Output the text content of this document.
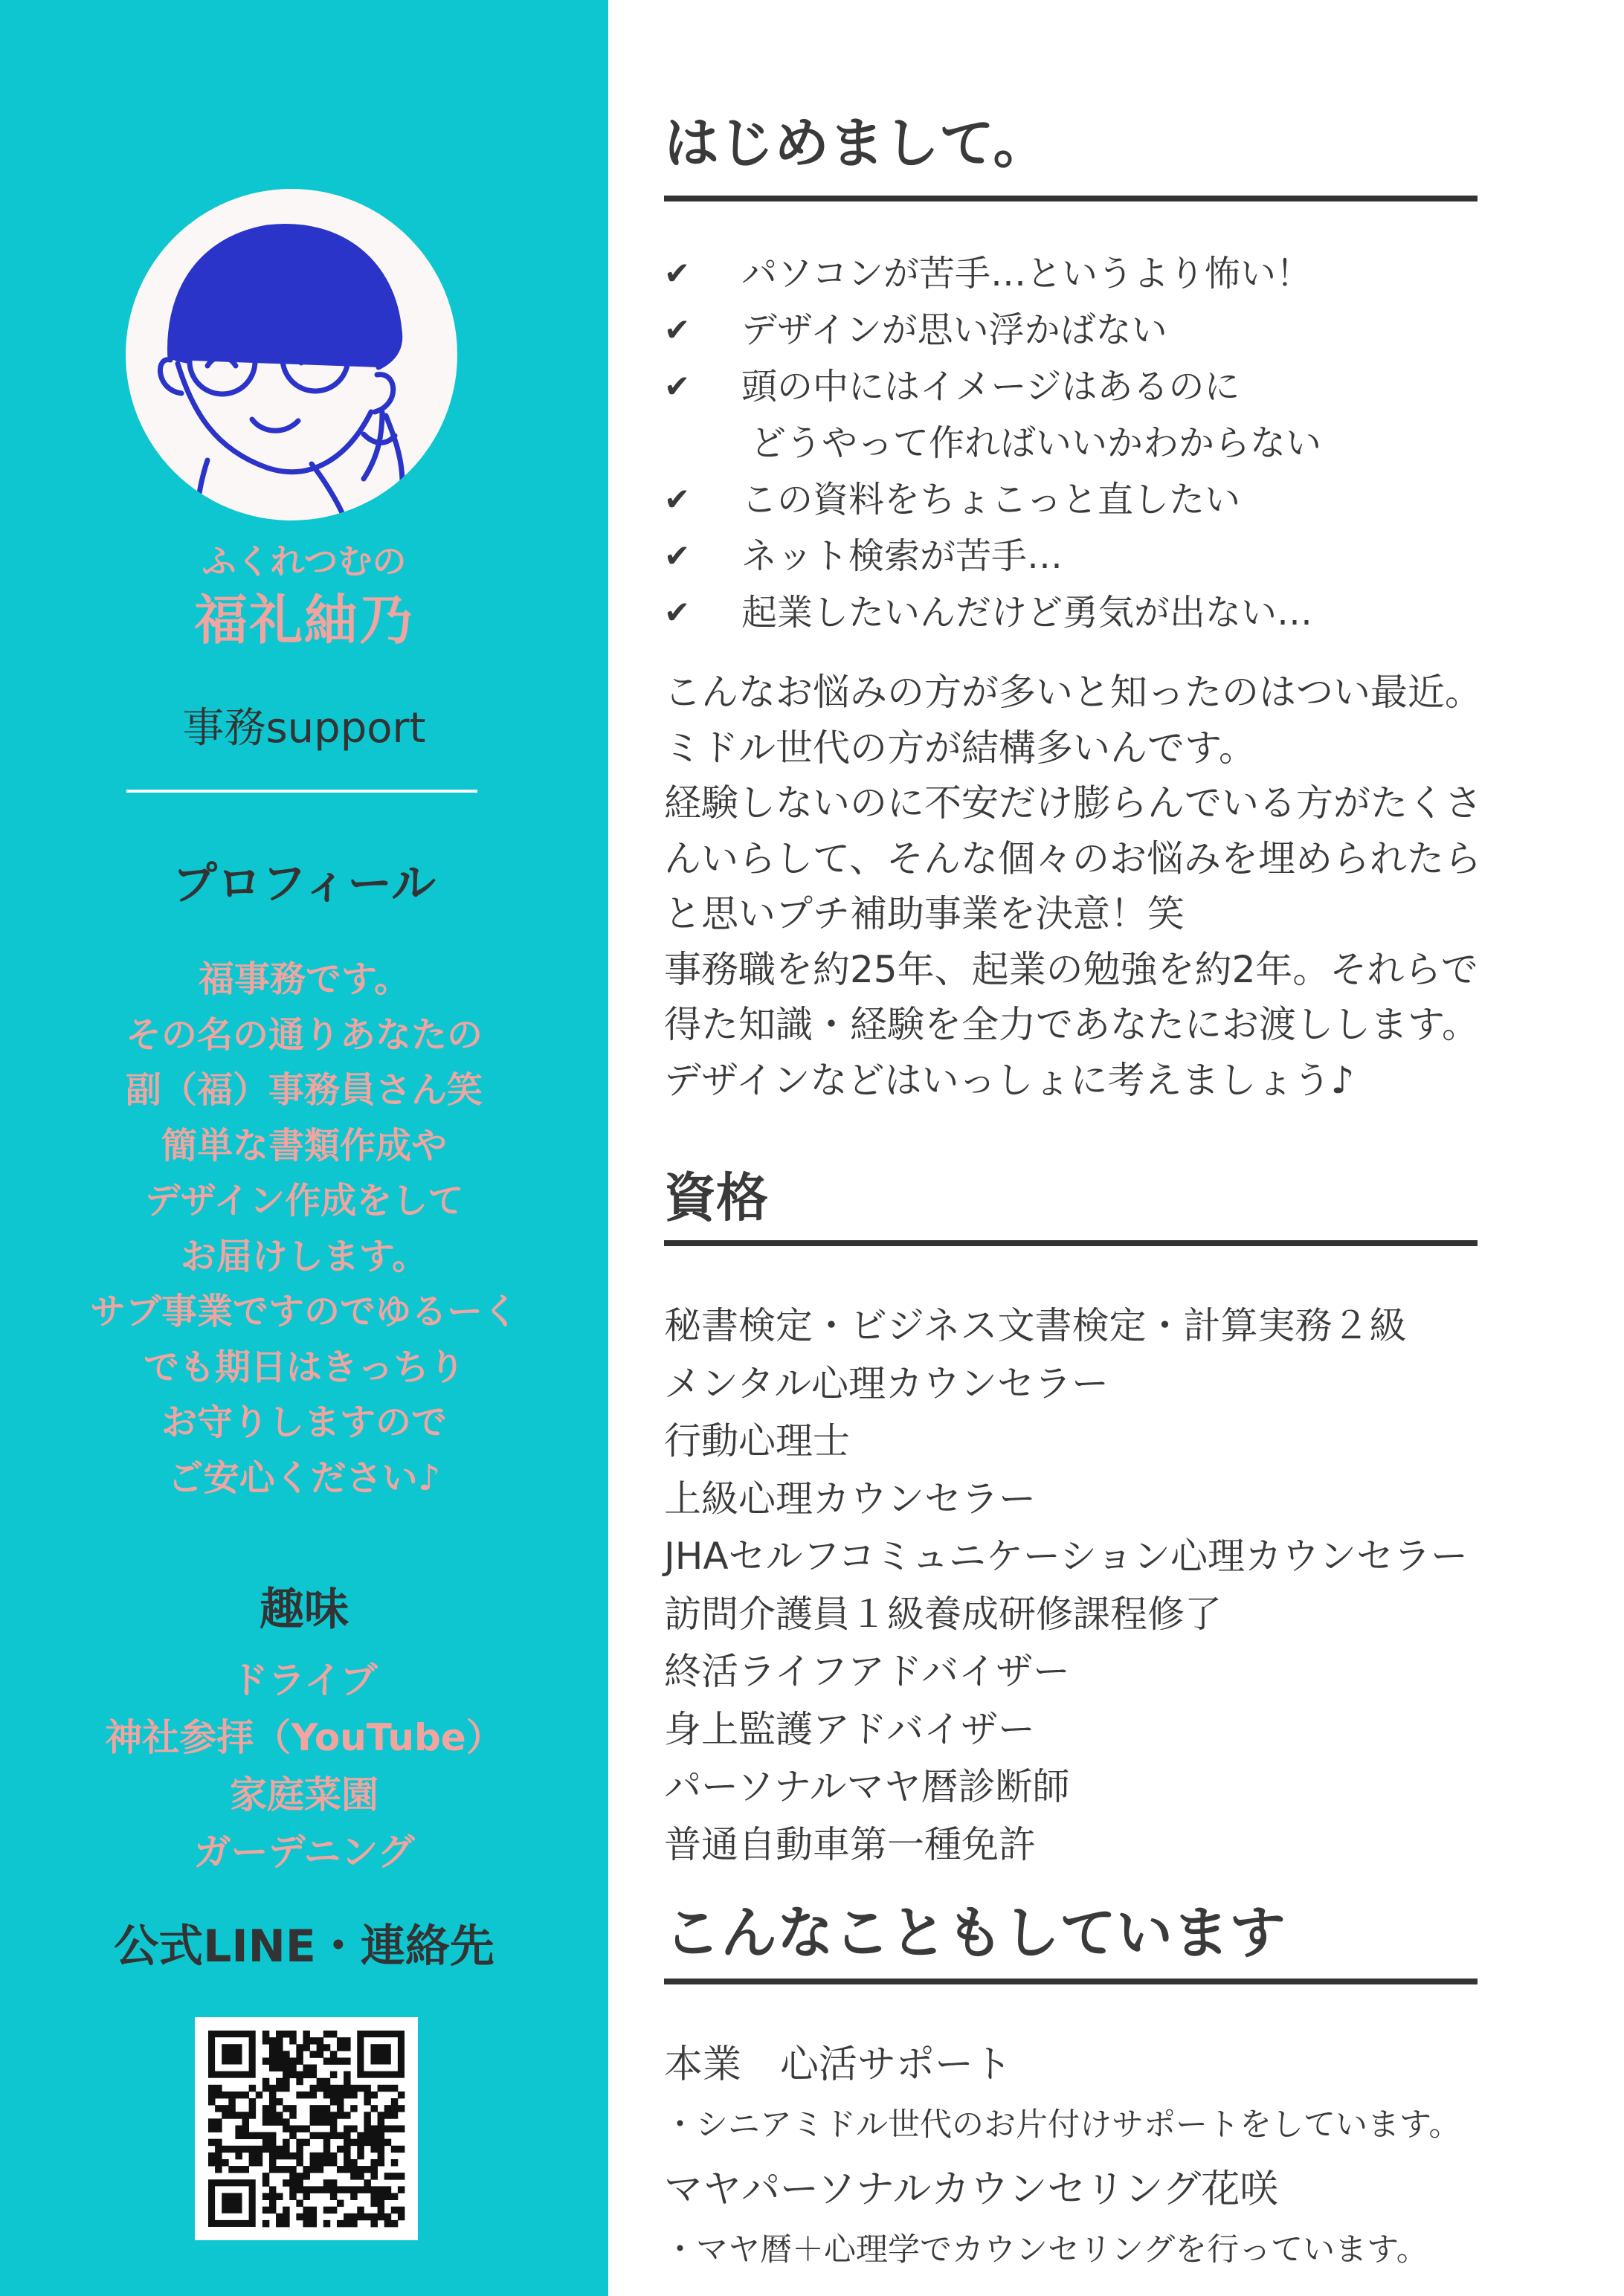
ふくれつむの
福礼紬乃
事務support
プロフィール
福事務です。
その名の通りあなたの
副（福）事務員さん笑
簡単な書類作成や
デザイン作成をして
お届けします。
サブ事業ですのでゆるーく
でも期日はきっちり
お守りしますので
ご安心ください♪
趣味
ドライブ
神社参拝（YouTube）
家庭菜園
ガーデニング
公式LINE・連絡先
はじめまして。
✔	パソコンが苦手…というより怖い！
✔	デザインが思い浮かばない
✔	頭の中にはイメージはあるのに
どうやって作ればいいかわからない
✔	この資料をちょこっと直したい
✔	ネット検索が苦手…
✔	起業したいんだけど勇気が出ない…
こんなお悩みの方が多いと知ったのはつい最近。
ミドル世代の方が結構多いんです。
経験しないのに不安だけ膨らんでいる方がたくさ
んいらして、そんな個々のお悩みを埋められたら
と思いプチ補助事業を決意！笑
事務職を約25年、起業の勉強を約2年。それらで
得た知識・経験を全力であなたにお渡しします。
デザインなどはいっしょに考えましょう♪
資格
秘書検定・ビジネス文書検定・計算実務２級
メンタル心理カウンセラー
行動心理士
上級心理カウンセラー
JHAセルフコミュニケーション心理カウンセラー
訪問介護員１級養成研修課程修了
終活ライフアドバイザー
身上監護アドバイザー
パーソナルマヤ暦診断師
普通自動車第一種免許
こんなこともしています
本業　心活サポート
・シニアミドル世代のお片付けサポートをしています。
マヤパーソナルカウンセリング花咲
・マヤ暦＋心理学でカウンセリングを行っています。
